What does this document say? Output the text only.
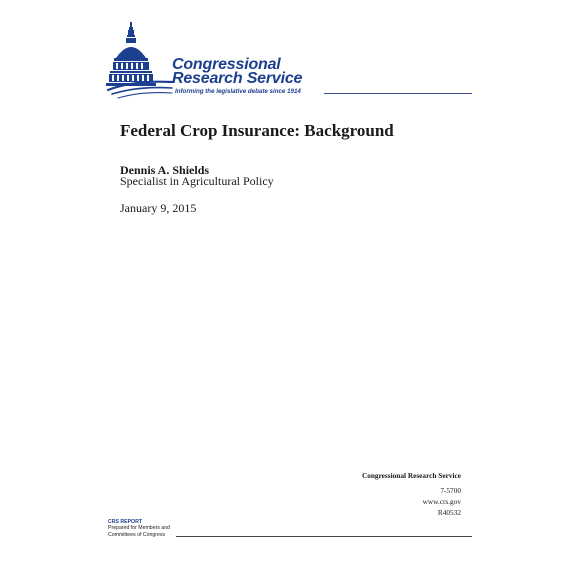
Congressional
Research Service
Informing the legislative debate since 1914
Federal Crop Insurance: Background
Dennis A. Shields
Specialist in Agricultural Policy
January 9, 2015
Congressional Research Service
7-5700
www.crs.gov
R40532
CRS REPORT
Prepared for Members and
Committees of Congress
